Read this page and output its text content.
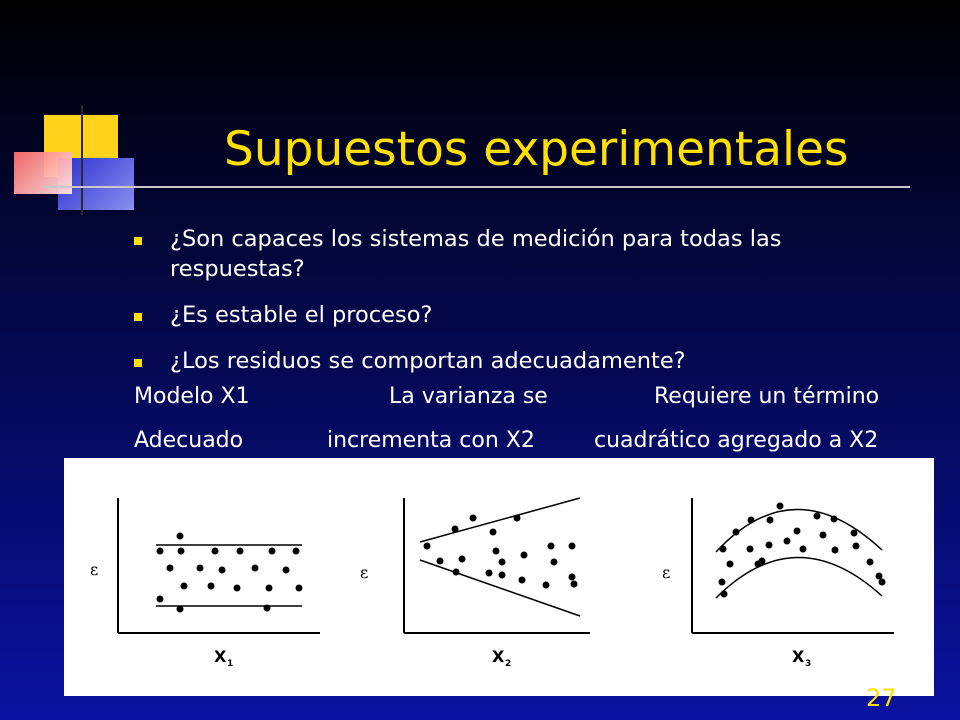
Supuestos experimentales
¿Son capaces los sistemas de medición para todas las respuestas?
¿Es estable el proceso?
¿Los residuos se comportan adecuadamente?
Modelo X1	La varianza se	Requiere un término
Adecuado	incrementa con X2	cuadrático agregado a X2
ε
X 1
ε
X 2
ε
X 3
27
